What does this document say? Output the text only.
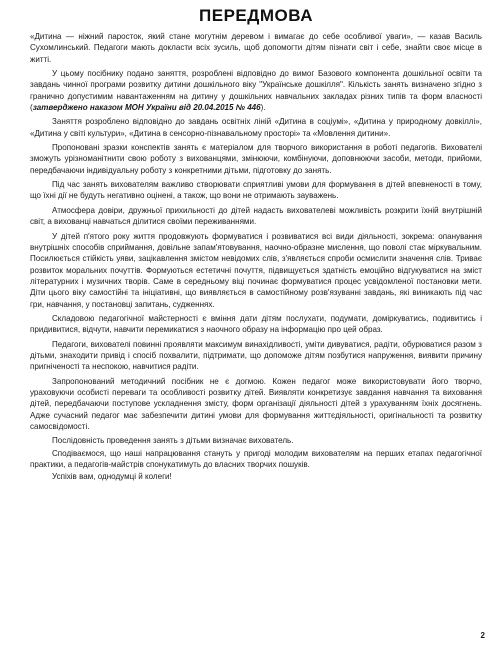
ПЕРЕДМОВА

«Дитина — ніжний паросток, який стане могутнім деревом і вимагає до себе особливої уваги», — казав Василь Сухомлинський. Педагоги мають докласти всіх зусиль, щоб допомогти дітям пізнати світ і себе, знайти своє місце в житті.

У цьому посібнику подано заняття, розроблені відповідно до вимог Базового компонента дошкільної освіти та завдань чинної програми розвитку дитини дошкільного віку "Українське дошкілля". Кількість занять визначено згідно з гранично допустимим навантаженням на дитину у дошкільних навчальних закладах різних типів та форм власності (затверджено наказом МОН України від 20.04.2015 № 446).

Заняття розроблено відповідно до завдань освітніх ліній «Дитина в соціумі», «Дитина у природному довкіллі», «Дитина у світі культури», «Дитина в сенсорно-пізнавальному просторі» та «Мовлення дитини».

Пропоновані зразки конспектів занять є матеріалом для творчого використання в роботі педагогів. Вихователі зможуть урізноманітнити свою роботу з вихованцями, змінюючи, комбінуючи, доповнюючи засоби, методи, прийоми, передбачаючи індивідуальну роботу з конкретними дітьми, підготовку до занять.

Під час занять вихователям важливо створювати сприятливі умови для формування в дітей впевненості в тому, що їхні дії не будуть негативно оцінені, а також, що вони не отримають зауважень.

Атмосфера довіри, дружньої прихильності до дітей надасть вихователеві можливість розкрити їхній внутрішній світ, а вихованці навчаться ділитися своїми переживаннями.

У дітей п'ятого року життя продовжують формуватися і розвиватися всі види діяльності, зокрема: опанування внутрішніх способів сприймання, довільне запам'ятовування, наочно-образне мислення, що поволі стає міркувальним. Посилюється стійкість уяви, зацікавлення змістом невідомих слів, з'являється спроби осмислити значення слів. Триває розвиток моральних почуттів. Формуються естетичні почуття, підвищується здатність емоційно відгукуватися на зміст літературних і музичних творів. Саме в середньому віці починає формуватися процес усвідомленої постановки мети. Діти цього віку самостійні та ініціативні, що виявляється в самостійному розв'язуванні завдань, які виникають під час гри, навчання, у постановці запитань, судженнях.

Складовою педагогічної майстерності є вміння дати дітям послухати, подумати, доміркуватись, подивитись і придивитися, відчути, навчити перемикатися з наочного образу на інформацію про цей образ.

Педагоги, вихователі повинні проявляти максимум винахідливості, уміти дивуватися, радіти, обурюватися разом з дітьми, знаходити привід і спосіб похвалити, підтримати, що допоможе дітям позбутися напруження, виявити причину пригніченості та неспокою, навчитися радіти.

Запропонований методичний посібник не є догмою. Кожен педагог може використовувати його творчо, ураховуючи особисті переваги та особливості розвитку дітей. Виявляти конкретизує завдання навчання та виховання дітей, передбачаючи поступове ускладнення змісту, форм організації діяльності дітей з урахуванням їхніх досягнень. Адже сучасний педагог має забезпечити дитині умови для формування життєдіяльності, оригінальності та розвитку самосвідомості.

Послідовність проведення занять з дітьми визначає вихователь.

Сподіваємося, що наші напрацювання стануть у пригоді молодим вихователям на перших етапах педагогічної практики, а педагогів-майстрів спонукатимуть до власних творчих пошуків.

Успіхів вам, однодумці й колеги!

2
